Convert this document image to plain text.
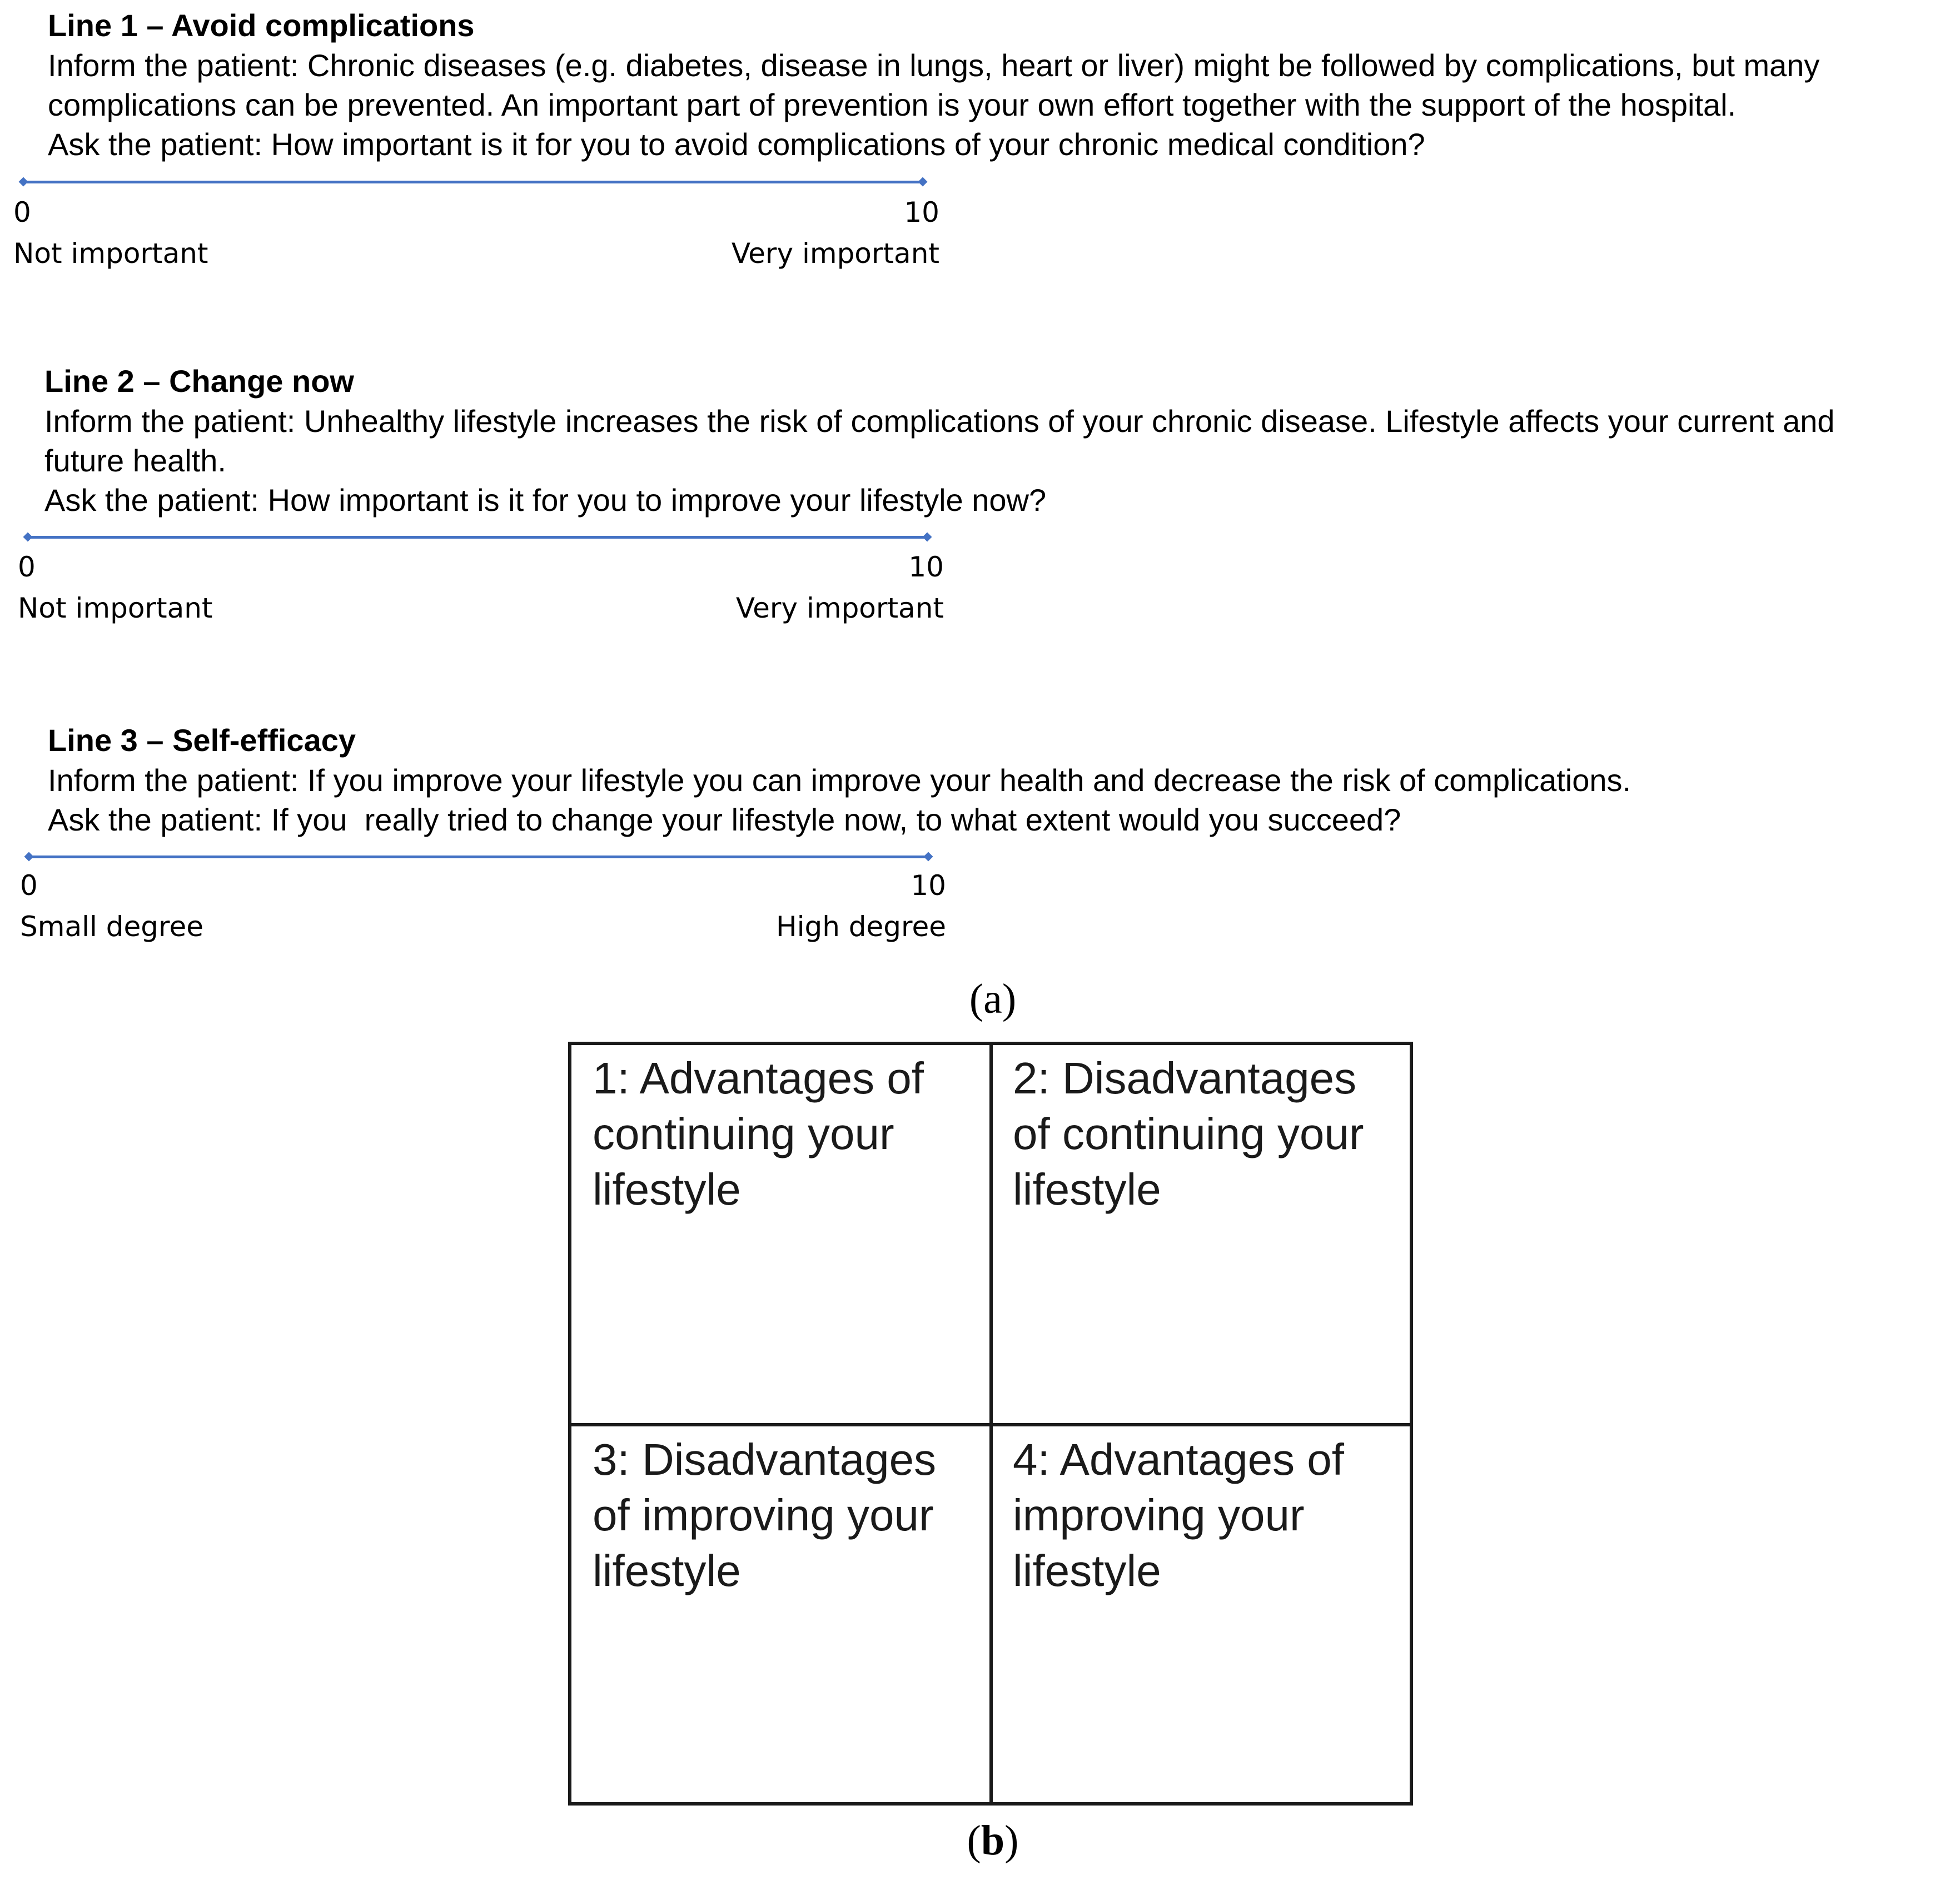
Line 1 – Avoid complications
Inform the patient: Chronic diseases (e.g. diabetes, disease in lungs, heart or liver) might be followed by complications, but many
complications can be prevented. An important part of prevention is your own effort together with the support of the hospital.
Ask the patient: How important is it for you to avoid complications of your chronic medical condition?
0	10
Not important	Very important
Line 2 – Change now
Inform the patient: Unhealthy lifestyle increases the risk of complications of your chronic disease. Lifestyle affects your current and
future health.
Ask the patient: How important is it for you to improve your lifestyle now?
0	10
Not important	Very important
Line 3 – Self-efficacy
Inform the patient: If you improve your lifestyle you can improve your health and decrease the risk of complications.
Ask the patient: If you  really tried to change your lifestyle now, to what extent would you succeed?
0	10
Small degree	High degree
(a)
1: Advantages of continuing your lifestyle
2: Disadvantages of continuing your lifestyle
3: Disadvantages of improving your lifestyle
4: Advantages of improving your lifestyle
(b)
